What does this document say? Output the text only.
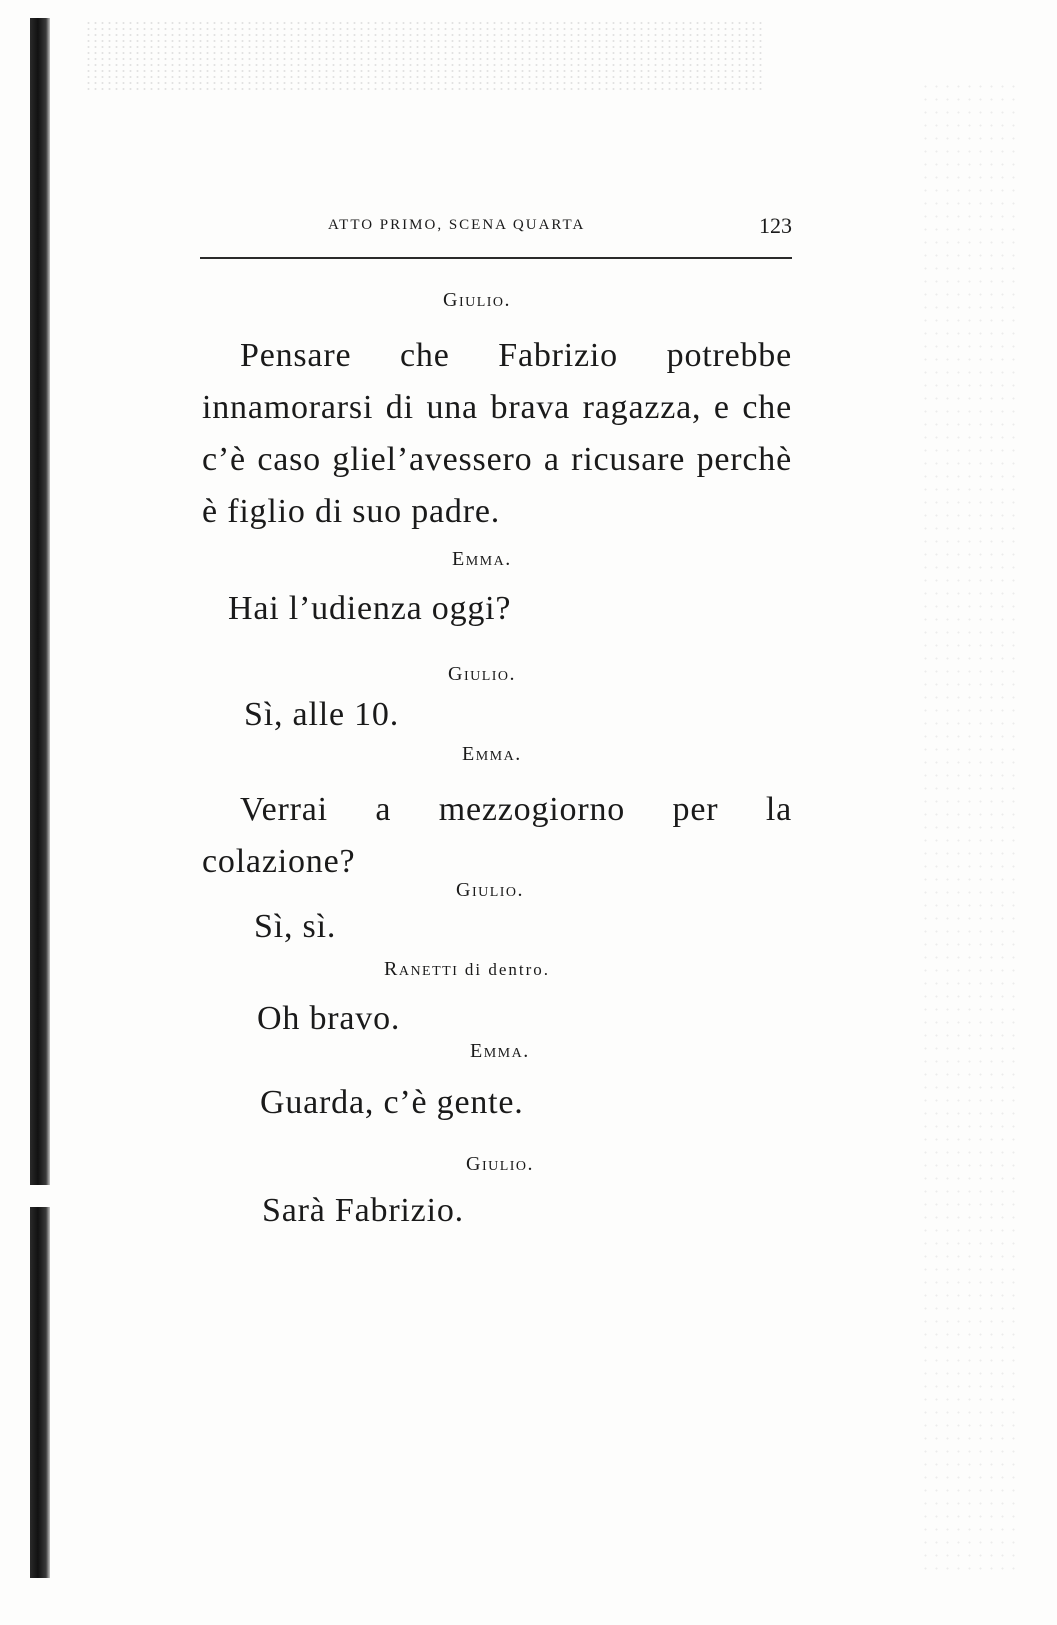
ATTO PRIMO, SCENA QUARTA	123
Giulio.
Pensare che Fabrizio potrebbe innamorarsi di una brava ragazza, e che c’è caso gliel’avessero a ricusare perchè è figlio di suo padre.
Emma.
Hai l’udienza oggi?
Giulio.
Sì, alle 10.
Emma.
Verrai a mezzogiorno per la colazione?
Giulio.
Sì, sì.
Ranetti di dentro.
Oh bravo.
Emma.
Guarda, c’è gente.
Giulio.
Sarà Fabrizio.
